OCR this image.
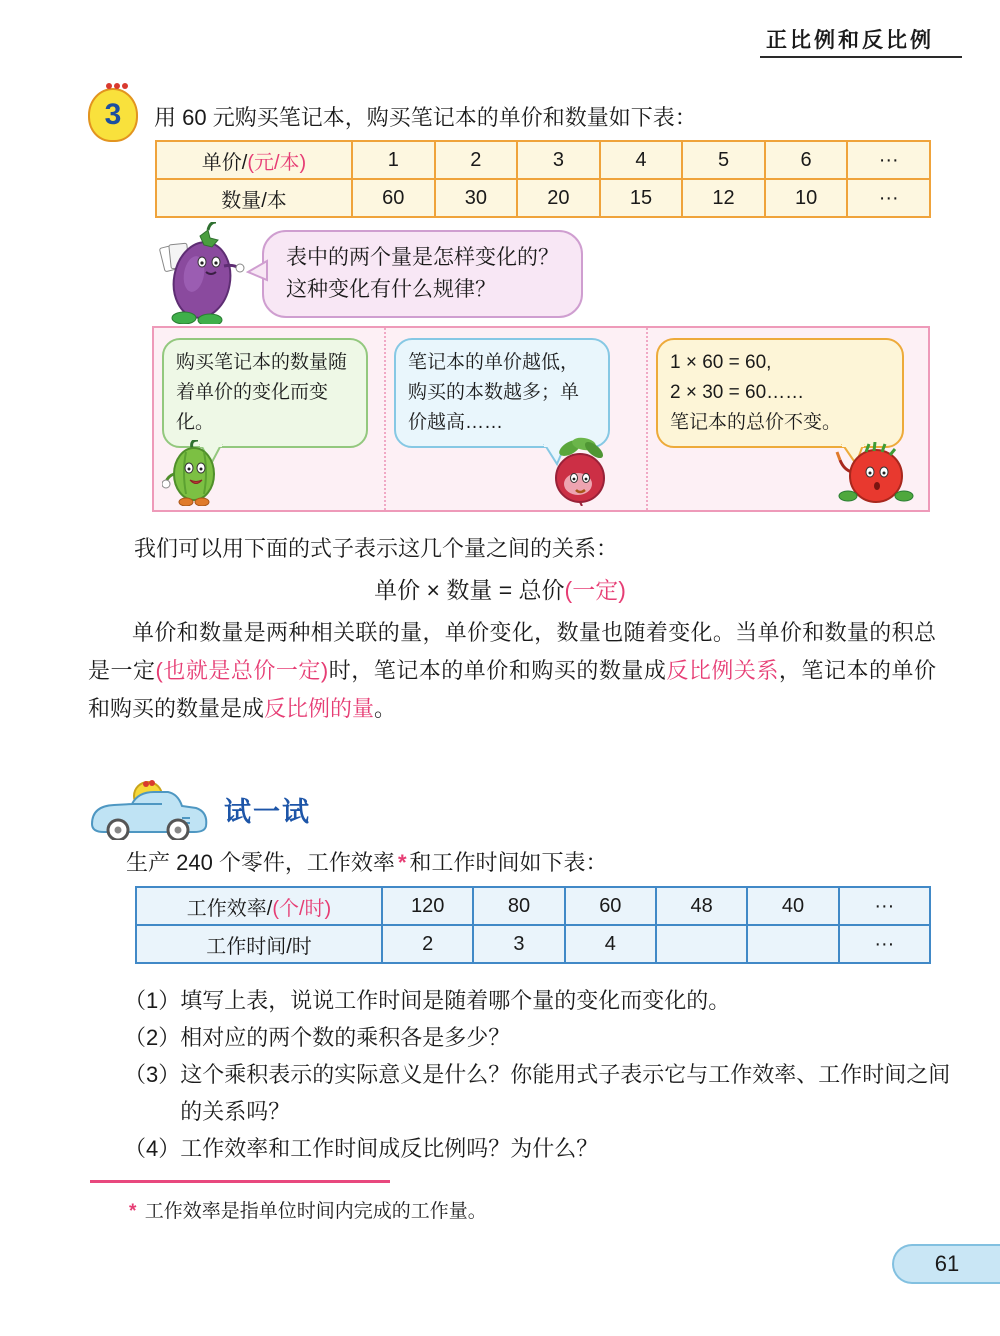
正比例和反比例
3 用 60 元购买笔记本，购买笔记本的单价和数量如下表：
单价/(元/本)	1	2	3	4	5	6	···
数量/本	60	30	20	15	12	10	···
表中的两个量是怎样变化的？
这种变化有什么规律？
购买笔记本的数量随着单价的变化而变化。
笔记本的单价越低，购买的本数越多；单价越高……
1 × 60 = 60,
2 × 30 = 60……
笔记本的总价不变。

我们可以用下面的式子表示这几个量之间的关系：

单价 × 数量 = 总价(一定)

单价和数量是两种相关联的量，单价变化，数量也随着变化。当单价和数量的积总是一定(也就是总价一定)时，笔记本的单价和购买的数量成反比例关系，笔记本的单价和购买的数量是成反比例的量。

试一试

生产 240 个零件，工作效率 * 和工作时间如下表：

工作效率/(个/时)	120	80	60	48	40	···
工作时间/时	2	3	4			···
（1） 填写上表，说说工作时间是随着哪个量的变化而变化的。
（2） 相对应的两个数的乘积各是多少？
（3） 这个乘积表示的实际意义是什么？你能用式子表示它与工作效率、工作时间之间的关系吗？
（4） 工作效率和工作时间成反比例吗？为什么？

* 工作效率是指单位时间内完成的工作量。

61
